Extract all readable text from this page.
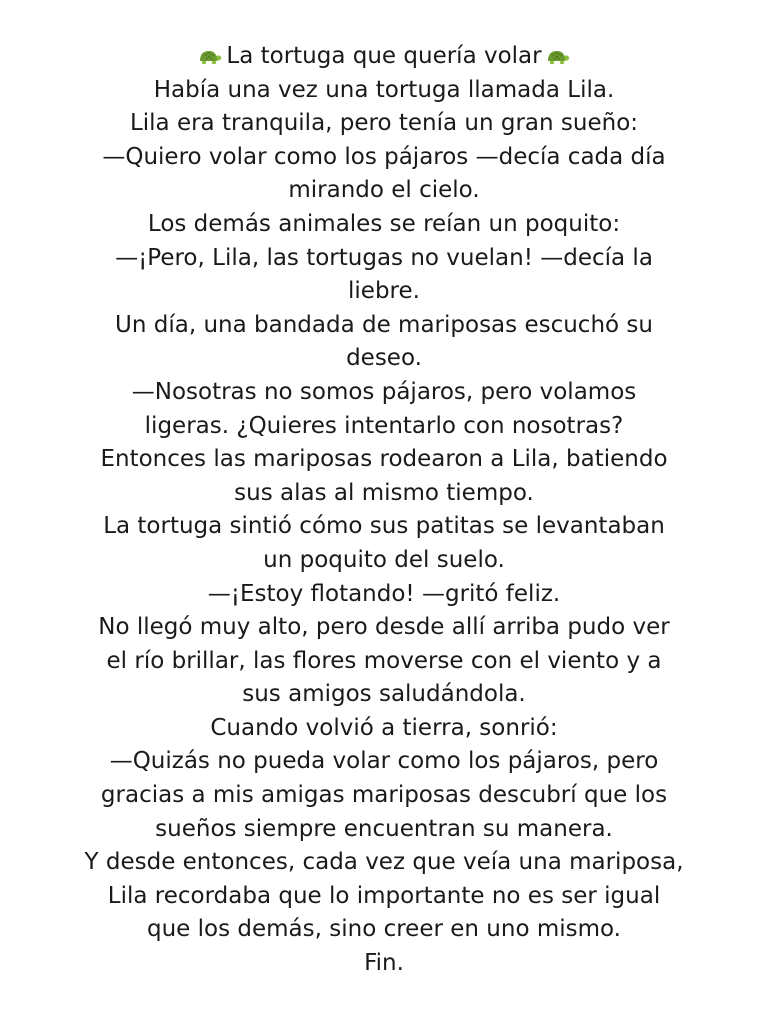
La tortuga que quería volar
Había una vez una tortuga llamada Lila.
Lila era tranquila, pero tenía un gran sueño:
—Quiero volar como los pájaros —decía cada día
mirando el cielo.
Los demás animales se reían un poquito:
—¡Pero, Lila, las tortugas no vuelan! —decía la
liebre.
Un día, una bandada de mariposas escuchó su
deseo.
—Nosotras no somos pájaros, pero volamos
ligeras. ¿Quieres intentarlo con nosotras?
Entonces las mariposas rodearon a Lila, batiendo
sus alas al mismo tiempo.
La tortuga sintió cómo sus patitas se levantaban
un poquito del suelo.
—¡Estoy flotando! —gritó feliz.
No llegó muy alto, pero desde allí arriba pudo ver
el río brillar, las flores moverse con el viento y a
sus amigos saludándola.
Cuando volvió a tierra, sonrió:
—Quizás no pueda volar como los pájaros, pero
gracias a mis amigas mariposas descubrí que los
sueños siempre encuentran su manera.
Y desde entonces, cada vez que veía una mariposa,
Lila recordaba que lo importante no es ser igual
que los demás, sino creer en uno mismo.
Fin.
